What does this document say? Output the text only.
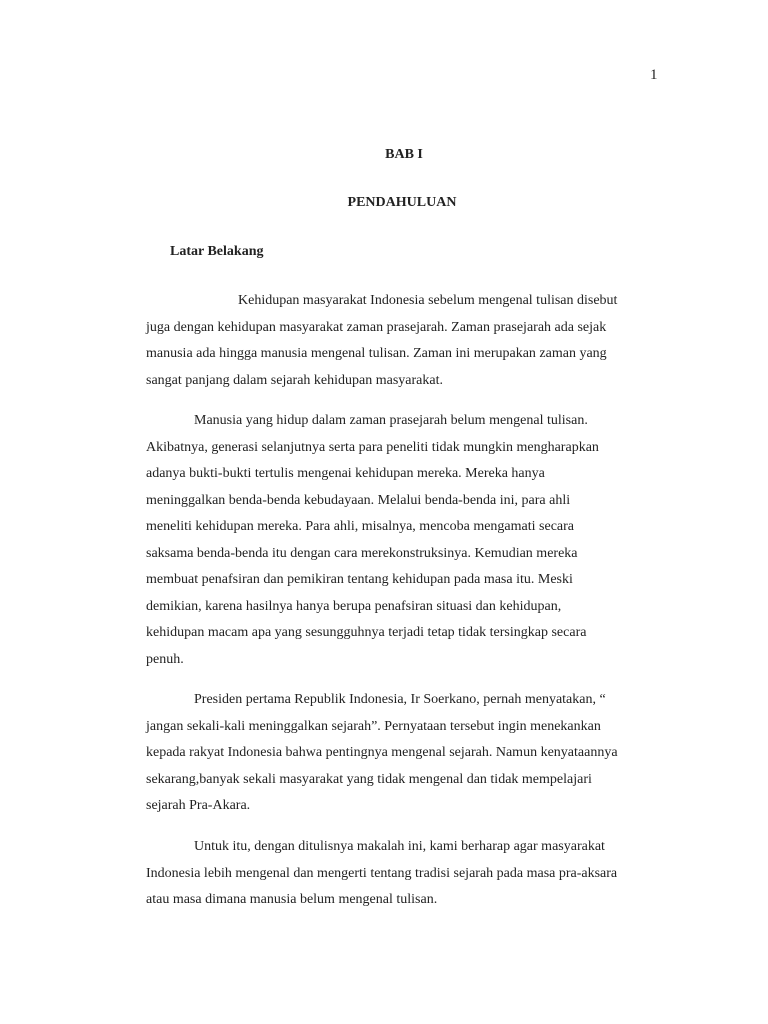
1
BAB I
PENDAHULUAN
Latar Belakang
Kehidupan masyarakat Indonesia sebelum mengenal tulisan disebut
juga dengan kehidupan masyarakat zaman prasejarah. Zaman prasejarah ada sejak
manusia ada hingga manusia mengenal tulisan. Zaman ini merupakan zaman yang
sangat panjang dalam sejarah kehidupan masyarakat.
Manusia yang hidup dalam zaman prasejarah belum mengenal tulisan.
Akibatnya, generasi selanjutnya serta para peneliti tidak mungkin mengharapkan
adanya bukti-bukti tertulis mengenai kehidupan mereka. Mereka hanya
meninggalkan benda-benda kebudayaan. Melalui benda-benda ini, para ahli
meneliti kehidupan mereka. Para ahli, misalnya, mencoba mengamati secara
saksama benda-benda itu dengan cara merekonstruksinya. Kemudian mereka
membuat penafsiran dan pemikiran tentang kehidupan pada masa itu. Meski
demikian, karena hasilnya hanya berupa penafsiran situasi dan kehidupan,
kehidupan macam apa yang sesungguhnya terjadi tetap tidak tersingkap secara
penuh.
Presiden pertama Republik Indonesia, Ir Soerkano, pernah menyatakan, “
jangan sekali-kali meninggalkan sejarah”. Pernyataan tersebut ingin menekankan
kepada rakyat Indonesia bahwa pentingnya mengenal sejarah. Namun kenyataannya
sekarang,banyak sekali masyarakat yang tidak mengenal dan tidak mempelajari
sejarah Pra-Akara.
Untuk itu, dengan ditulisnya makalah ini, kami berharap agar masyarakat
Indonesia lebih mengenal dan mengerti tentang tradisi sejarah pada masa pra-aksara
atau masa dimana manusia belum mengenal tulisan.
